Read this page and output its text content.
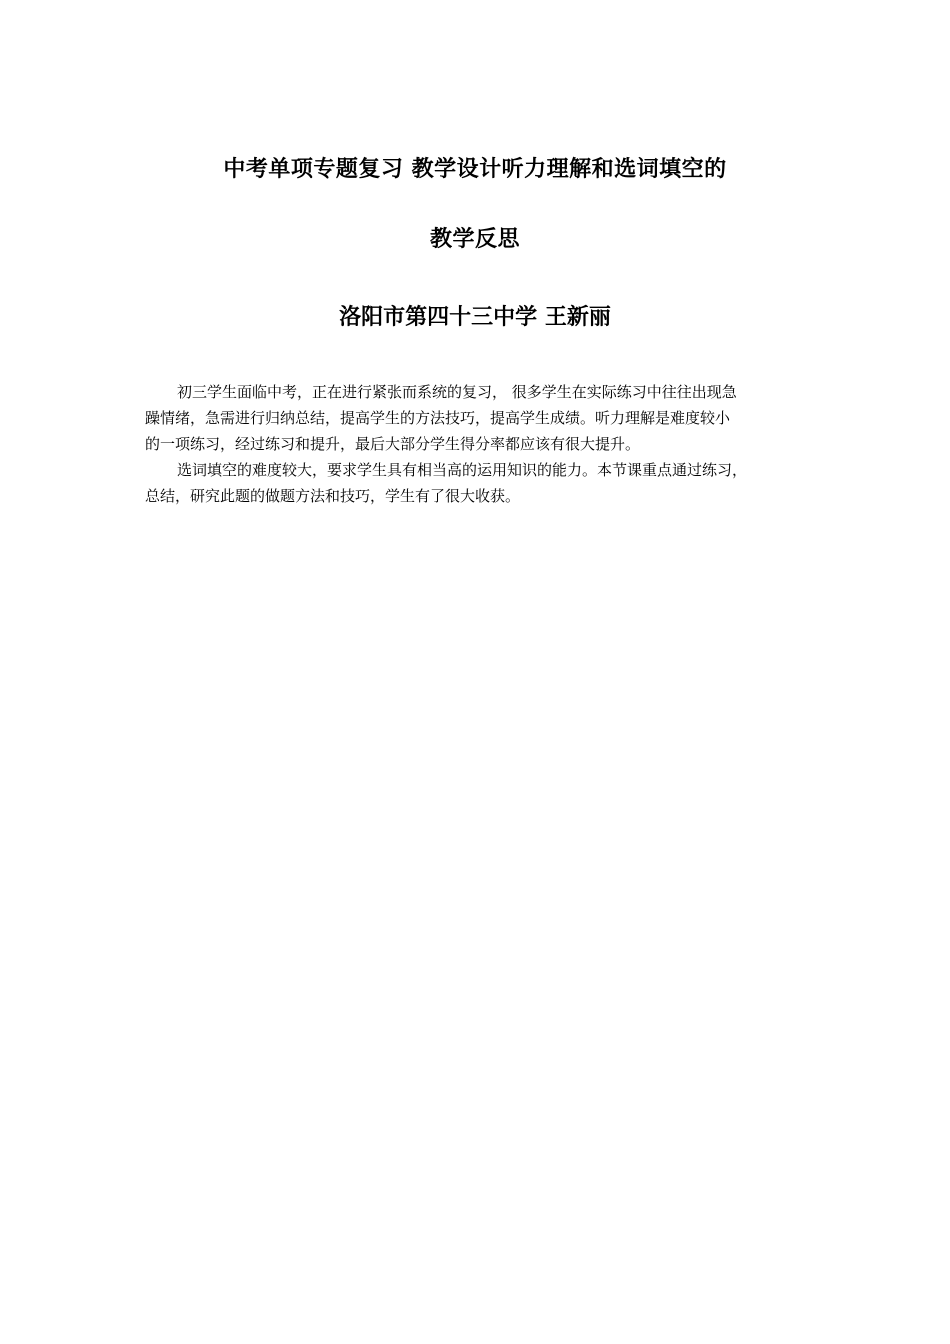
中考单项专题复习 教学设计听力理解和选词填空的
教学反思
洛阳市第四十三中学 王新丽
初三学生面临中考，正在进行紧张而系统的复习， 很多学生在实际练习中往往出现急
躁情绪，急需进行归纳总结，提高学生的方法技巧，提高学生成绩。听力理解是难度较小
的一项练习，经过练习和提升，最后大部分学生得分率都应该有很大提升。
选词填空的难度较大，要求学生具有相当高的运用知识的能力。本节课重点通过练习，
总结，研究此题的做题方法和技巧，学生有了很大收获。
